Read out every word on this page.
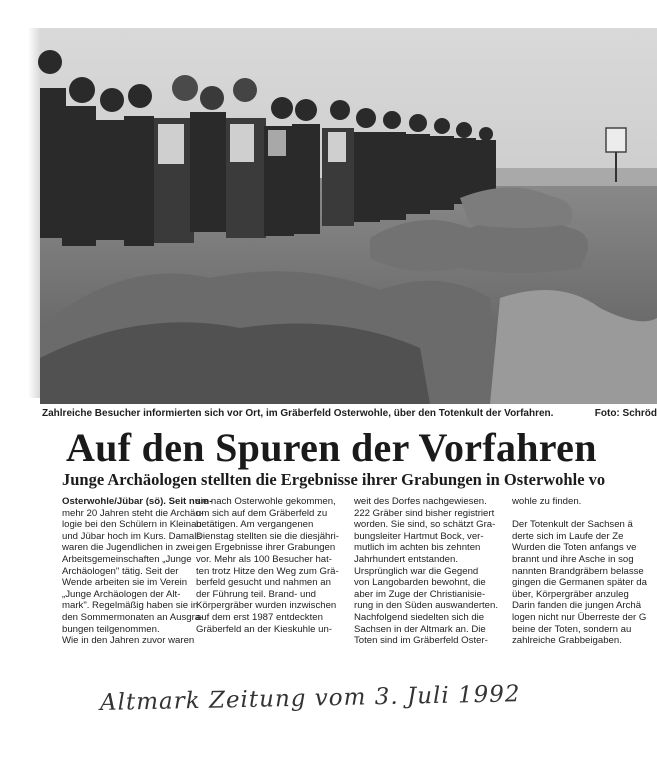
Zahlreiche Besucher informierten sich vor Ort, im Gräberfeld Osterwohle, über den Totenkult der Vorfahren.	Foto: Schröd
Auf den Spuren der Vorfahren
Junge Archäologen stellten die Ergebnisse ihrer Grabungen in Osterwohle vo
Osterwohle/Jübar (sö). Seit num-
mehr 20 Jahren steht die Archäo-
logie bei den Schülern in Kleinau
und Jübar hoch im Kurs. Damals
waren die Jugendlichen in zwei
Arbeitsgemeinschaften „Junge
Archäologen" tätig. Seit der
Wende arbeiten sie im Verein
„Junge Archäologen der Alt-
mark". Regelmäßig haben sie in
den Sommermonaten an Ausgra-
bungen teilgenommen.
Wie in den Jahren zuvor waren
sie nach Osterwohle gekommen,
um sich auf dem Gräberfeld zu
betätigen. Am vergangenen
Dienstag stellten sie die diesjähri-
gen Ergebnisse ihrer Grabungen
vor. Mehr als 100 Besucher hat-
ten trotz Hitze den Weg zum Grä-
berfeld gesucht und nahmen an
der Führung teil. Brand- und
Körpergräber wurden inzwischen
auf dem erst 1987 entdeckten
Gräberfeld an der Kieskuhle un-
weit des Dorfes nachgewiesen.
222 Gräber sind bisher registriert
worden. Sie sind, so schätzt Gra-
bungsleiter Hartmut Bock, ver-
mutlich im achten bis zehnten
Jahrhundert entstanden.
Ursprünglich war die Gegend
von Langobarden bewohnt, die
aber im Zuge der Christianisie-
rung in den Süden auswanderten.
Nachfolgend siedelten sich die
Sachsen in der Altmark an. Die
Toten sind im Gräberfeld Oster-
wohle zu finden.
Der Totenkult der Sachsen ä
derte sich im Laufe der Ze
Wurden die Toten anfangs ve
brannt und ihre Asche in sog
nannten Brandgräbern belasse
gingen die Germanen später da
über, Körpergräber anzuleg
Darin fanden die jungen Archä
logen nicht nur Überreste der G
beine der Toten, sondern au
zahlreiche Grabbeigaben.
Altmark Zeitung vom 3. Juli 1992
